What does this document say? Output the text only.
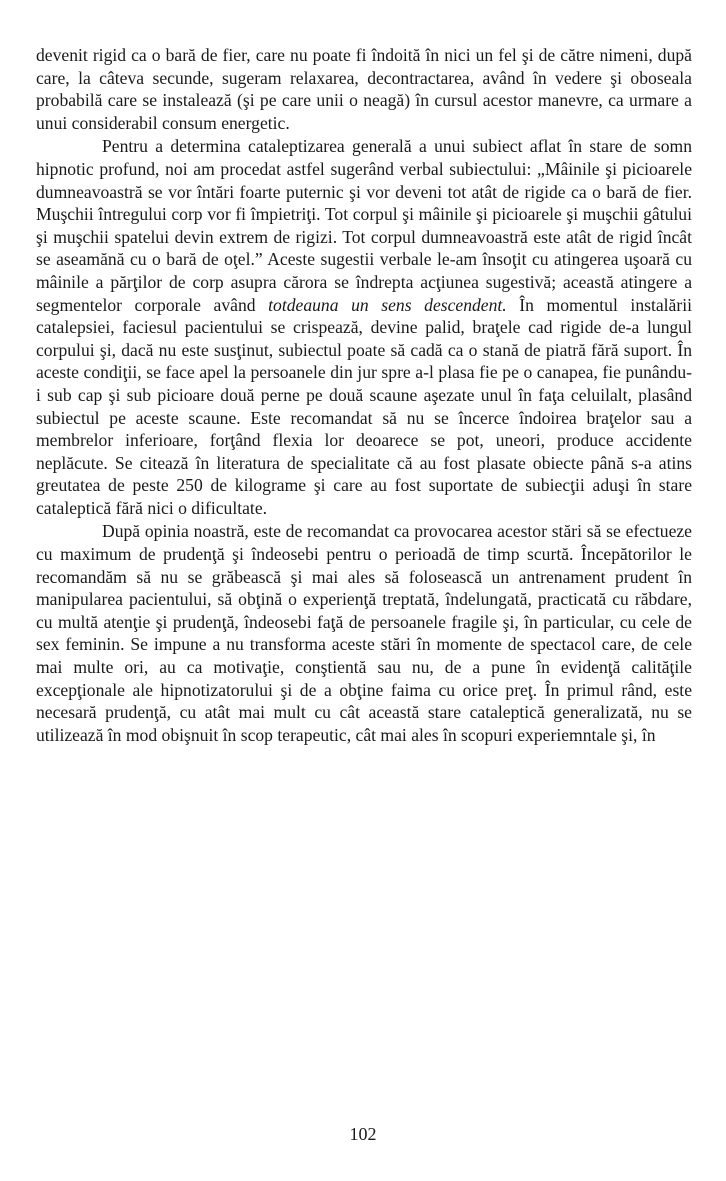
devenit rigid ca o bară de fier, care nu poate fi îndoită în nici un fel şi de către nimeni, după care, la câteva secunde, sugeram relaxarea, decontractarea, având în vedere şi oboseala probabilă care se instalează (şi pe care unii o neagă) în cursul acestor manevre, ca urmare a unui considerabil consum energetic.

Pentru a determina cataleptizarea generală a unui subiect aflat în stare de somn hipnotic profund, noi am procedat astfel sugerând verbal subiectului: „Mâinile şi picioarele dumneavoastră se vor întări foarte puternic şi vor deveni tot atât de rigide ca o bară de fier. Muşchii întregului corp vor fi împietriţi. Tot corpul şi mâinile şi picioarele şi muşchii gâtului şi muşchii spatelui devin extrem de rigizi. Tot corpul dumneavoastră este atât de rigid încât se aseamănă cu o bară de oţel.” Aceste sugestii verbale le-am însoţit cu atingerea uşoară cu mâinile a părţilor de corp asupra cărora se îndrepta acţiunea sugestivă; această atingere a segmentelor corporale având totdeauna un sens descendent. În momentul instalării catalepsiei, faciesul pacientului se crispează, devine palid, braţele cad rigide de-a lungul corpului şi, dacă nu este susţinut, subiectul poate să cadă ca o stană de piatră fără suport. În aceste condiţii, se face apel la persoanele din jur spre a-l plasa fie pe o canapea, fie punându-i sub cap şi sub picioare două perne pe două scaune aşezate unul în faţa celuilalt, plasând subiectul pe aceste scaune. Este recomandat să nu se încerce îndoirea braţelor sau a membrelor inferioare, forţând flexia lor deoarece se pot, uneori, produce accidente neplăcute. Se citează în literatura de specialitate că au fost plasate obiecte până s-a atins greutatea de peste 250 de kilograme şi care au fost suportate de subiecţii aduşi în stare cataleptică fără nici o dificultate.

După opinia noastră, este de recomandat ca provocarea acestor stări să se efectueze cu maximum de prudenţă şi îndeosebi pentru o perioadă de timp scurtă. Începătorilor le recomandăm să nu se grăbească şi mai ales să folosească un antrenament prudent în manipularea pacientului, să obţină o experienţă treptată, îndelungată, practicată cu răbdare, cu multă atenţie şi prudenţă, îndeosebi faţă de persoanele fragile şi, în particular, cu cele de sex feminin. Se impune a nu transforma aceste stări în momente de spectacol care, de cele mai multe ori, au ca motivaţie, conştientă sau nu, de a pune în evidenţă calităţile excepţionale ale hipnotizatorului şi de a obţine faima cu orice preţ. În primul rând, este necesară prudenţă, cu atât mai mult cu cât această stare cataleptică generalizată, nu se utilizează în mod obişnuit în scop terapeutic, cât mai ales în scopuri experiemntale şi, în

102
